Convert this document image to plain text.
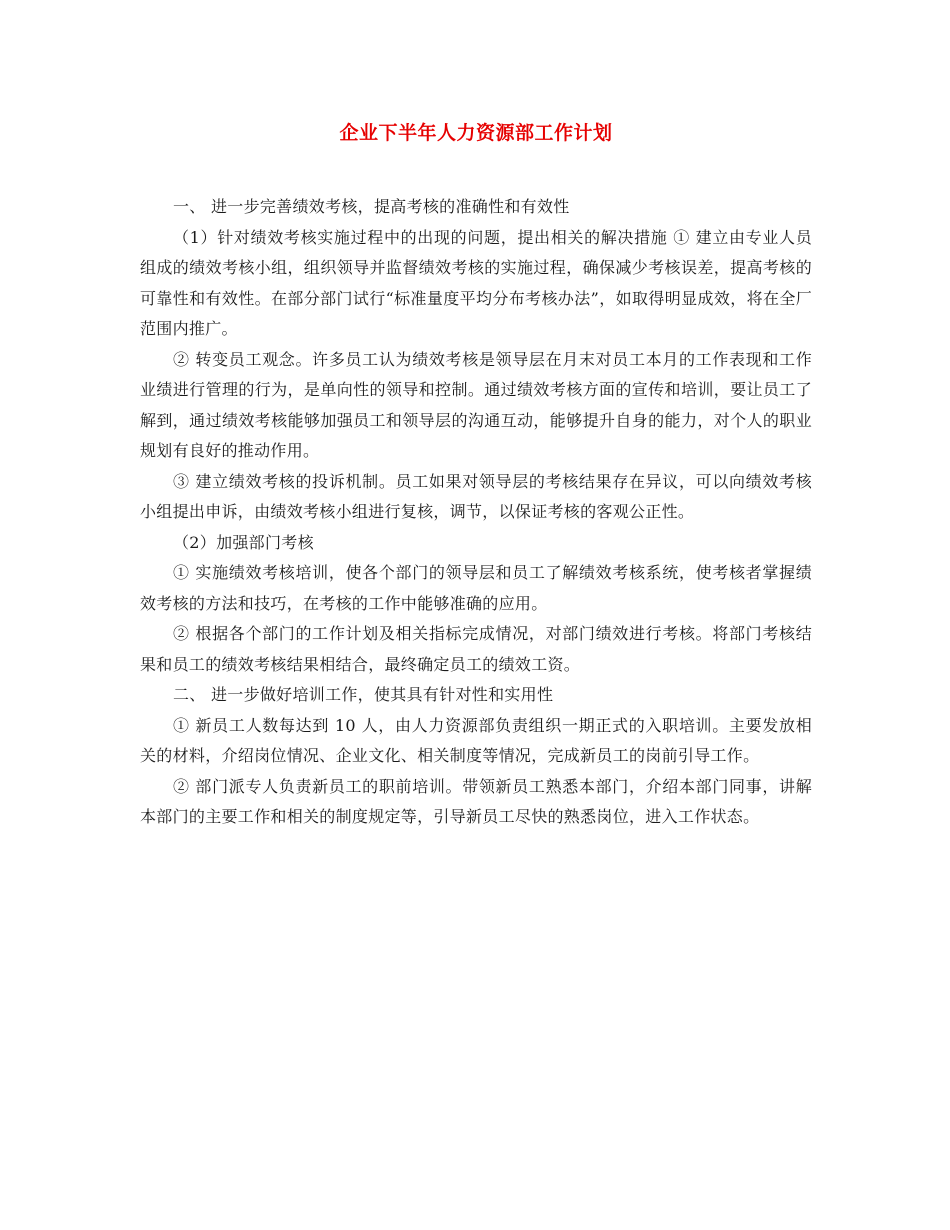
企业下半年人力资源部工作计划

一、 进一步完善绩效考核，提高考核的准确性和有效性

（1）针对绩效考核实施过程中的出现的问题，提出相关的解决措施 ① 建立由专业人员组成的绩效考核小组，组织领导并监督绩效考核的实施过程，确保减少考核误差，提高考核的可靠性和有效性。在部分部门试行“标准量度平均分布考核办法”，如取得明显成效，将在全厂范围内推广。

② 转变员工观念。许多员工认为绩效考核是领导层在月末对员工本月的工作表现和工作业绩进行管理的行为，是单向性的领导和控制。通过绩效考核方面的宣传和培训，要让员工了解到，通过绩效考核能够加强员工和领导层的沟通互动，能够提升自身的能力，对个人的职业规划有良好的推动作用。

③ 建立绩效考核的投诉机制。员工如果对领导层的考核结果存在异议，可以向绩效考核小组提出申诉，由绩效考核小组进行复核，调节，以保证考核的客观公正性。

（2）加强部门考核

① 实施绩效考核培训，使各个部门的领导层和员工了解绩效考核系统，使考核者掌握绩效考核的方法和技巧，在考核的工作中能够准确的应用。

② 根据各个部门的工作计划及相关指标完成情况，对部门绩效进行考核。将部门考核结果和员工的绩效考核结果相结合，最终确定员工的绩效工资。

二、 进一步做好培训工作，使其具有针对性和实用性

① 新员工人数每达到 10 人，由人力资源部负责组织一期正式的入职培训。主要发放相关的材料，介绍岗位情况、企业文化、相关制度等情况，完成新员工的岗前引导工作。

② 部门派专人负责新员工的职前培训。带领新员工熟悉本部门，介绍本部门同事，讲解本部门的主要工作和相关的制度规定等，引导新员工尽快的熟悉岗位，进入工作状态。
